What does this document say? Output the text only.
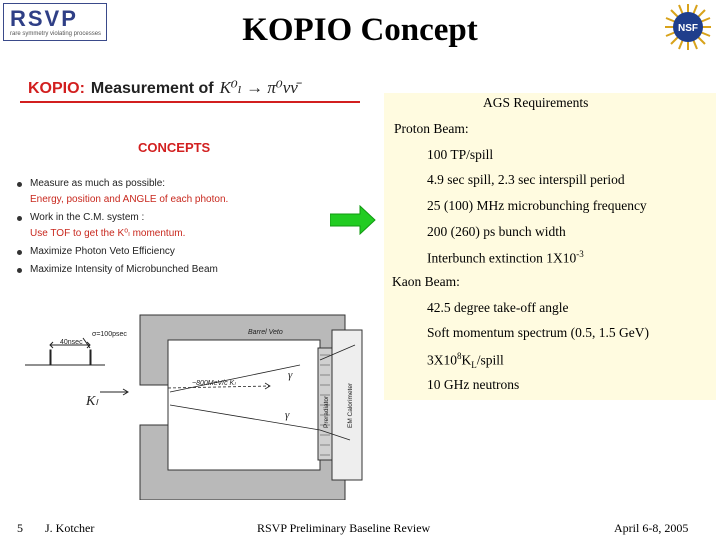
RSVP
rare symmetry violating processes	KOPIO Concept	NSF
KOPIO: Measurement of K⁰ₗ → π⁰νν̄
CONCEPTS
Measure as much as possible:
Energy, position and ANGLE of each photon.
Work in the C.M. system :
Use TOF to get the K⁰ₗ momentum.
Maximize Photon Veto Efficiency
Maximize Intensity of Microbunched Beam
40nsec
σ=100psec
Kₗ
Barrel Veto
~800MeV/c Kₗ
γ
γ	Preradiator	EM Calorimeter
AGS Requirements
Proton Beam:
100 TP/spill
4.9 sec spill, 2.3 sec interspill period
25 (100) MHz microbunching frequency
200 (260) ps bunch width
Interbunch extinction $1X10^{-3}$
Kaon Beam:
42.5 degree take-off angle
Soft momentum spectrum (0.5, 1.5 GeV)
$3X10^8K_L$/spill
10 GHz neutrons
5 J. Kotcher	RSVP Preliminary Baseline Review	April 6-8, 2005
